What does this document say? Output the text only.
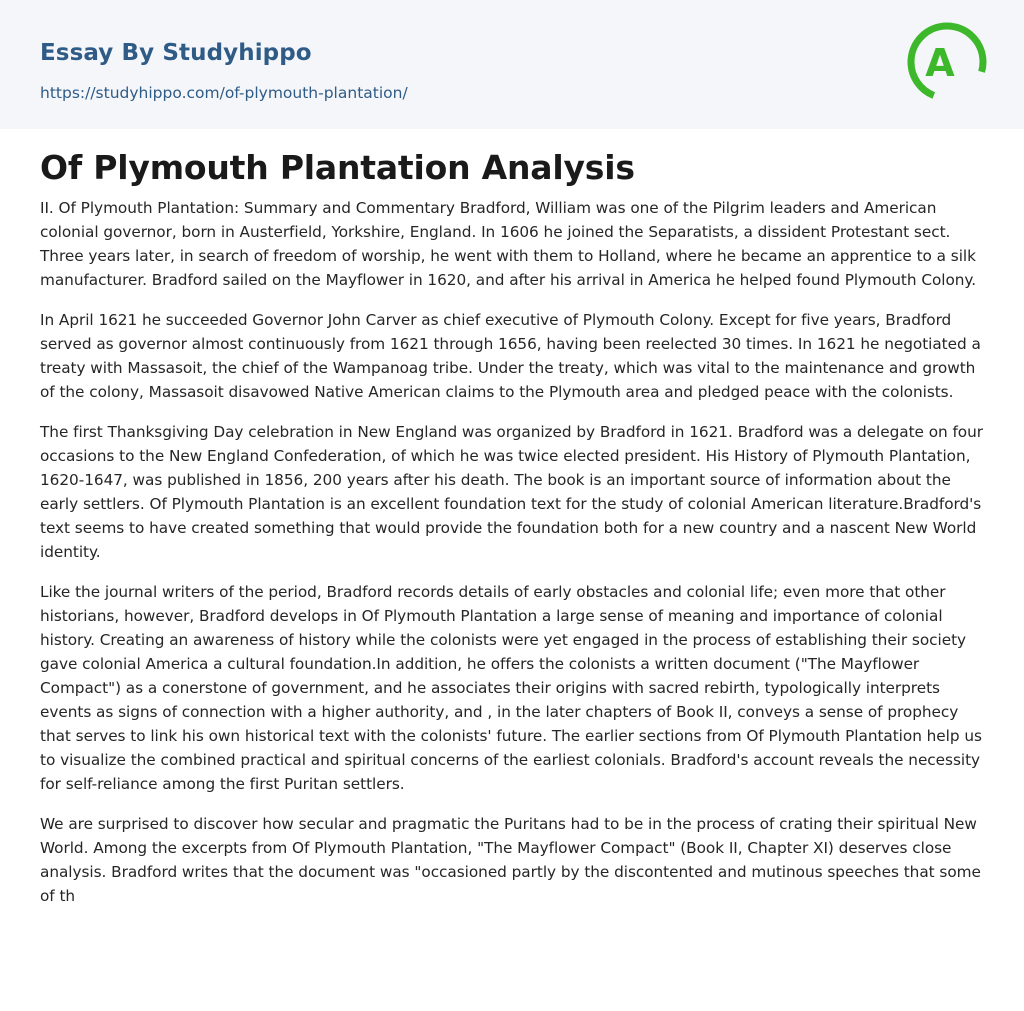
Essay By Studyhippo
https://studyhippo.com/of-plymouth-plantation/
A
Of Plymouth Plantation Analysis

II. Of Plymouth Plantation: Summary and Commentary Bradford, William was one of the Pilgrim leaders and American colonial governor, born in Austerfield, Yorkshire, England. In 1606 he joined the Separatists, a dissident Protestant sect. Three years later, in search of freedom of worship, he went with them to Holland, where he became an apprentice to a silk manufacturer. Bradford sailed on the Mayflower in 1620, and after his arrival in America he helped found Plymouth Colony.

In April 1621 he succeeded Governor John Carver as chief executive of Plymouth Colony. Except for five years, Bradford served as governor almost continuously from 1621 through 1656, having been reelected 30 times. In 1621 he negotiated a treaty with Massasoit, the chief of the Wampanoag tribe. Under the treaty, which was vital to the maintenance and growth of the colony, Massasoit disavowed Native American claims to the Plymouth area and pledged peace with the colonists.

The first Thanksgiving Day celebration in New England was organized by Bradford in 1621. Bradford was a delegate on four occasions to the New England Confederation, of which he was twice elected president. His History of Plymouth Plantation, 1620-1647, was published in 1856, 200 years after his death. The book is an important source of information about the early settlers. Of Plymouth Plantation is an excellent foundation text for the study of colonial American literature.Bradford's text seems to have created something that would provide the foundation both for a new country and a nascent New World identity.

Like the journal writers of the period, Bradford records details of early obstacles and colonial life; even more that other historians, however, Bradford develops in Of Plymouth Plantation a large sense of meaning and importance of colonial history. Creating an awareness of history while the colonists were yet engaged in the process of establishing their society gave colonial America a cultural foundation.In addition, he offers the colonists a written document ("The Mayflower Compact") as a conerstone of government, and he associates their origins with sacred rebirth, typologically interprets events as signs of connection with a higher authority, and , in the later chapters of Book II, conveys a sense of prophecy that serves to link his own historical text with the colonists' future. The earlier sections from Of Plymouth Plantation help us to visualize the combined practical and spiritual concerns of the earliest colonials. Bradford's account reveals the necessity for self-reliance among the first Puritan settlers.

We are surprised to discover how secular and pragmatic the Puritans had to be in the process of crating their spiritual New World. Among the excerpts from Of Plymouth Plantation, "The Mayflower Compact" (Book II, Chapter XI) deserves close analysis. Bradford writes that the document was "occasioned partly by the discontented and mutinous speeches that some of th
